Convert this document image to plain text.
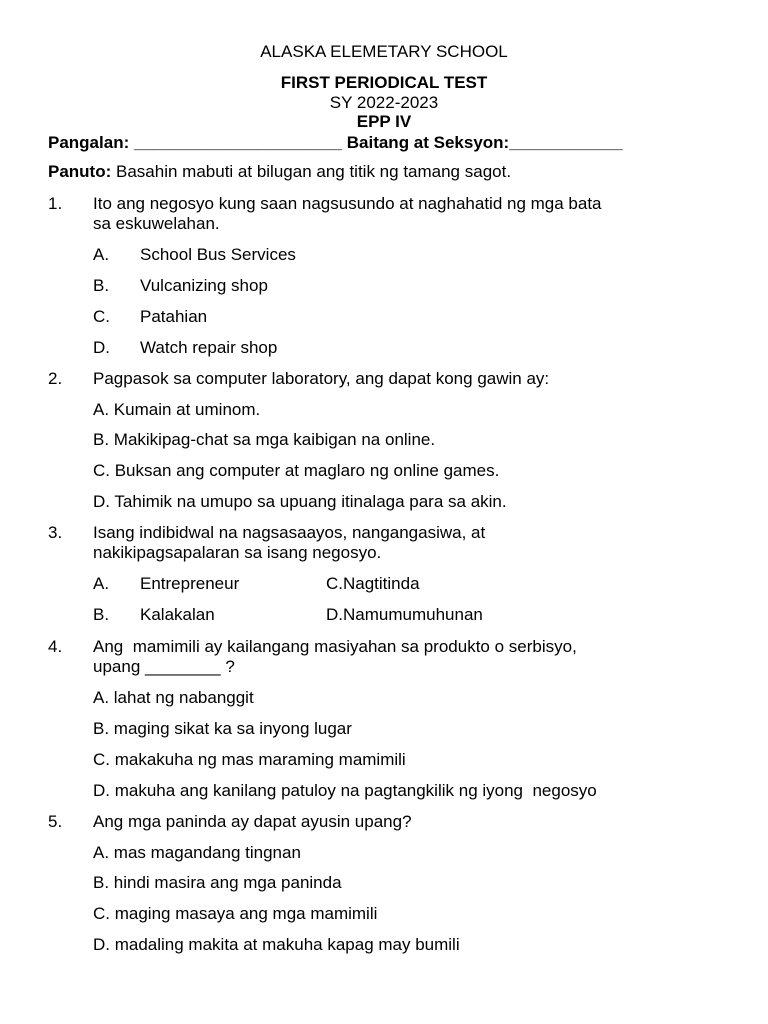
ALASKA ELEMETARY SCHOOL
FIRST PERIODICAL TEST
SY 2022-2023
EPP IV
Pangalan: ______________________ Baitang at Seksyon:____________
Panuto: Basahin mabuti at bilugan ang titik ng tamang sagot.
1. Ito ang negosyo kung saan nagsusundo at naghahatid ng mga bata
sa eskuwelahan.
A. School Bus Services
B. Vulcanizing shop
C. Patahian
D. Watch repair shop
2. Pagpasok sa computer laboratory, ang dapat kong gawin ay:
A. Kumain at uminom.
B. Makikipag-chat sa mga kaibigan na online.
C. Buksan ang computer at maglaro ng online games.
D. Tahimik na umupo sa upuang itinalaga para sa akin.
3. Isang indibidwal na nagsasaayos, nangangasiwa, at
nakikipagsapalaran sa isang negosyo.
A. Entrepreneur	C.Nagtitinda
B. Kalakalan	D.Namumumuhunan
4. Ang  mamimili ay kailangang masiyahan sa produkto o serbisyo,
upang ________ ?
A. lahat ng nabanggit
B. maging sikat ka sa inyong lugar
C. makakuha ng mas maraming mamimili
D. makuha ang kanilang patuloy na pagtangkilik ng iyong  negosyo
5. Ang mga paninda ay dapat ayusin upang?
A. mas magandang tingnan
B. hindi masira ang mga paninda
C. maging masaya ang mga mamimili
D. madaling makita at makuha kapag may bumili
